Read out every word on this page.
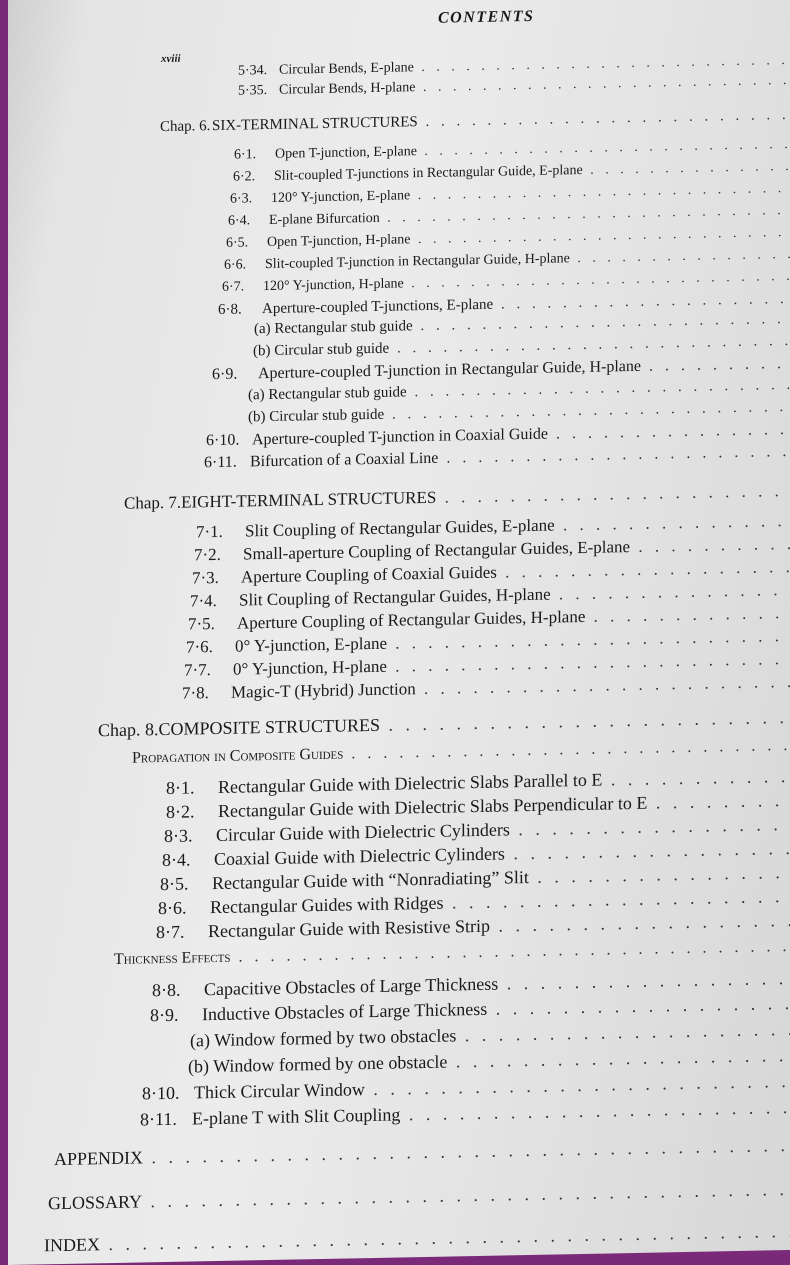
CONTENTS
xviii
5·34. Circular Bends, E-plane . . .
5·35. Circular Bends, H-plane . . .
Chap. 6. SIX-TERMINAL STRUCTURES . . .
6·1. Open T-junction, E-plane . . .
6·2. Slit-coupled T-junctions in Rectangular Guide, E-plane . . .
6·3. 120° Y-junction, E-plane . . .
6·4. E-plane Bifurcation . . .
6·5. Open T-junction, H-plane . . .
6·6. Slit-coupled T-junction in Rectangular Guide, H-plane . . .
6·7. 120° Y-junction, H-plane . . .
6·8. Aperture-coupled T-junctions, E-plane . . .
(a) Rectangular stub guide . . .
(b) Circular stub guide . . .
6·9. Aperture-coupled T-junction in Rectangular Guide, H-plane . . .
(a) Rectangular stub guide . . .
(b) Circular stub guide . . .
6·10. Aperture-coupled T-junction in Coaxial Guide . . .
6·11. Bifurcation of a Coaxial Line . . .
Chap. 7.EIGHT-TERMINAL STRUCTURES . . .
7·1. Slit Coupling of Rectangular Guides, E-plane . . .
7·2. Small-aperture Coupling of Rectangular Guides, E-plane . . .
7·3. Aperture Coupling of Coaxial Guides . . .
7·4. Slit Coupling of Rectangular Guides, H-plane . . .
7·5. Aperture Coupling of Rectangular Guides, H-plane . . .
7·6. 0° Y-junction, E-plane . . .
7·7. 0° Y-junction, H-plane . . .
7·8. Magic-T (Hybrid) Junction . . .
Chap. 8.COMPOSITE STRUCTURES . . .
Propagation in Composite Guides . . .
8·1. Rectangular Guide with Dielectric Slabs Parallel to E . . .
8·2. Rectangular Guide with Dielectric Slabs Perpendicular to E . . .
8·3. Circular Guide with Dielectric Cylinders . . .
8·4. Coaxial Guide with Dielectric Cylinders . . .
8·5. Rectangular Guide with “Nonradiating” Slit . . .
8·6. Rectangular Guides with Ridges . . .
8·7. Rectangular Guide with Resistive Strip . . .
Thickness Effects . . .
8·8. Capacitive Obstacles of Large Thickness . . .
8·9. Inductive Obstacles of Large Thickness . . .
(a) Window formed by two obstacles . . .
(b) Window formed by one obstacle . . .
8·10. Thick Circular Window . . .
8·11. E-plane T with Slit Coupling . . .
APPENDIX . . .
GLOSSARY . . .
INDEX . . .
